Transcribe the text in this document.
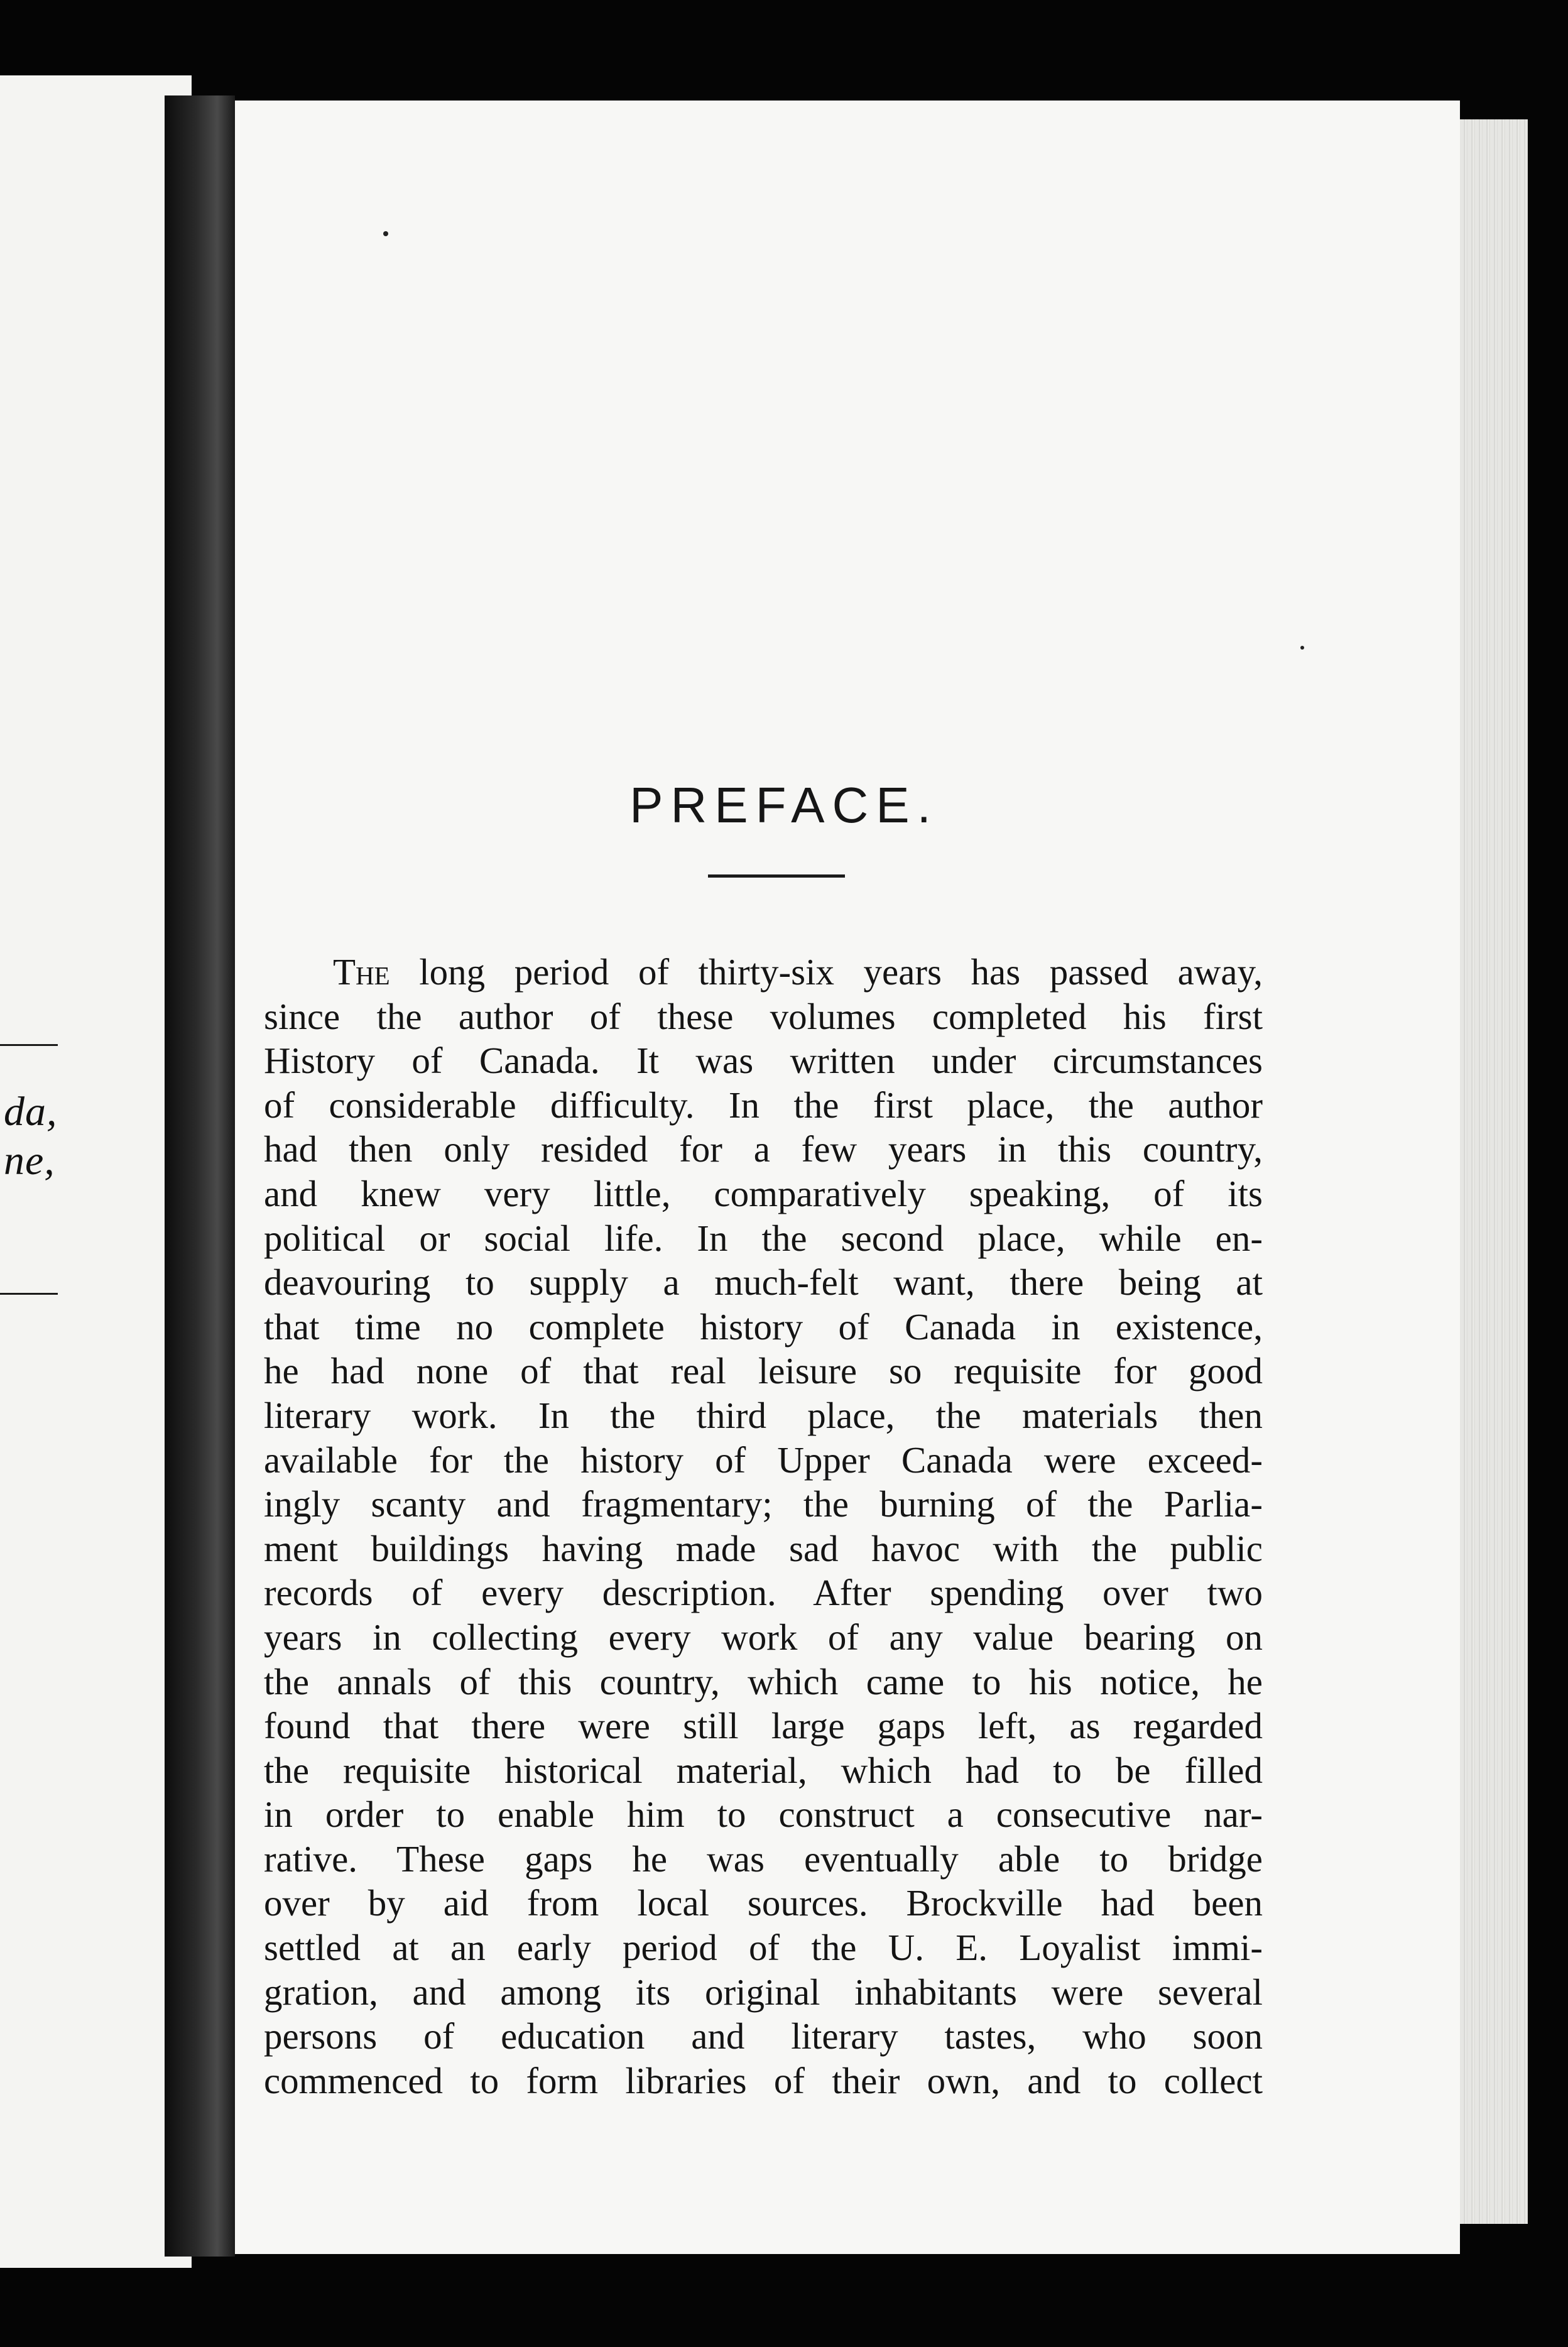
da,
ne,
PREFACE.
The long period of thirty-six years has passed away,
since the author of these volumes completed his first
History of Canada. It was written under circumstances
of considerable difficulty. In the first place, the author
had then only resided for a few years in this country,
and knew very little, comparatively speaking, of its
political or social life. In the second place, while en-
deavouring to supply a much-felt want, there being at
that time no complete history of Canada in existence,
he had none of that real leisure so requisite for good
literary work. In the third place, the materials then
available for the history of Upper Canada were exceed-
ingly scanty and fragmentary; the burning of the Parlia-
ment buildings having made sad havoc with the public
records of every description. After spending over two
years in collecting every work of any value bearing on
the annals of this country, which came to his notice, he
found that there were still large gaps left, as regarded
the requisite historical material, which had to be filled
in order to enable him to construct a consecutive nar-
rative. These gaps he was eventually able to bridge
over by aid from local sources. Brockville had been
settled at an early period of the U. E. Loyalist immi-
gration, and among its original inhabitants were several
persons of education and literary tastes, who soon
commenced to form libraries of their own, and to collect
